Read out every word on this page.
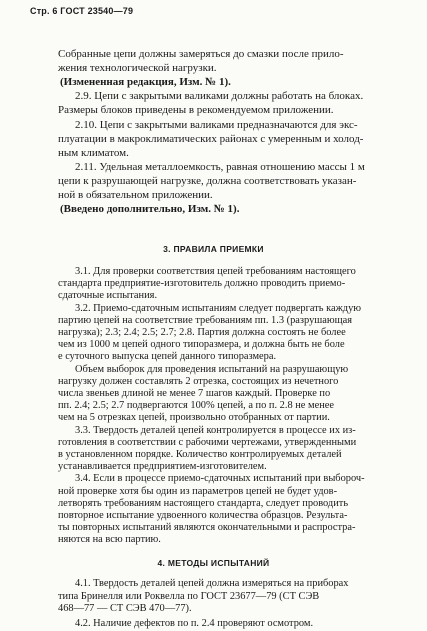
Стр. 6 ГОСТ 23540—79
Собранные цепи должны замеряться до смазки после прило-
жения технологической нагрузки.
(Измененная редакция, Изм. № 1).
2.9. Цепи с закрытыми валиками должны работать на блоках.
Размеры блоков приведены в рекомендуемом приложении.
2.10. Цепи с закрытыми валиками предназначаются для экс-
плуатации в макроклиматических районах с умеренным и холод-
ным климатом.
2.11. Удельная металлоемкость, равная отношению массы 1 м
цепи к разрушающей нагрузке, должна соответствовать указан-
ной в обязательном приложении.
(Введено дополнительно, Изм. № 1).
3. ПРАВИЛА ПРИЕМКИ
3.1. Для проверки соответствия цепей требованиям настоящего
стандарта предприятие-изготовитель должно проводить приемо-
сдаточные испытания.
3.2. Приемо-сдаточным испытаниям следует подвергать каждую
партию цепей на соответствие требованиям пп. 1.3 (разрушающая
нагрузка); 2.3; 2.4; 2.5; 2.7; 2.8. Партия должна состоять не более
чем из 1000 м цепей одного типоразмера, и должна быть не боле
е суточного выпуска цепей данного типоразмера.
Объем выборок для проведения испытаний на разрушающую
нагрузку должен составлять 2 отрезка, состоящих из нечетного
числа звеньев длиной не менее 7 шагов каждый. Проверке по
пп. 2.4; 2.5; 2.7 подвергаются 100% цепей, а по п. 2.8 не менее
чем на 5 отрезках цепей, произвольно отобранных от партии.
3.3. Твердость деталей цепей контролируется в процессе их из-
готовления в соответствии с рабочими чертежами, утвержденными
в установленном порядке. Количество контролируемых деталей
устанавливается предприятием-изготовителем.
3.4. Если в процессе приемо-сдаточных испытаний при выбороч-
ной проверке хотя бы один из параметров цепей не будет удов-
летворять требованиям настоящего стандарта, следует проводить
повторное испытание удвоенного количества образцов. Результа-
ты повторных испытаний являются окончательными и распростра-
няются на всю партию.
4. МЕТОДЫ ИСПЫТАНИЙ
4.1. Твердость деталей цепей должна измеряться на приборах
типа Бринелля или Роквелла по ГОСТ 23677—79 (СТ СЭВ
468—77 — СТ СЭВ 470—77).
4.2. Наличие дефектов по п. 2.4 проверяют осмотром.
